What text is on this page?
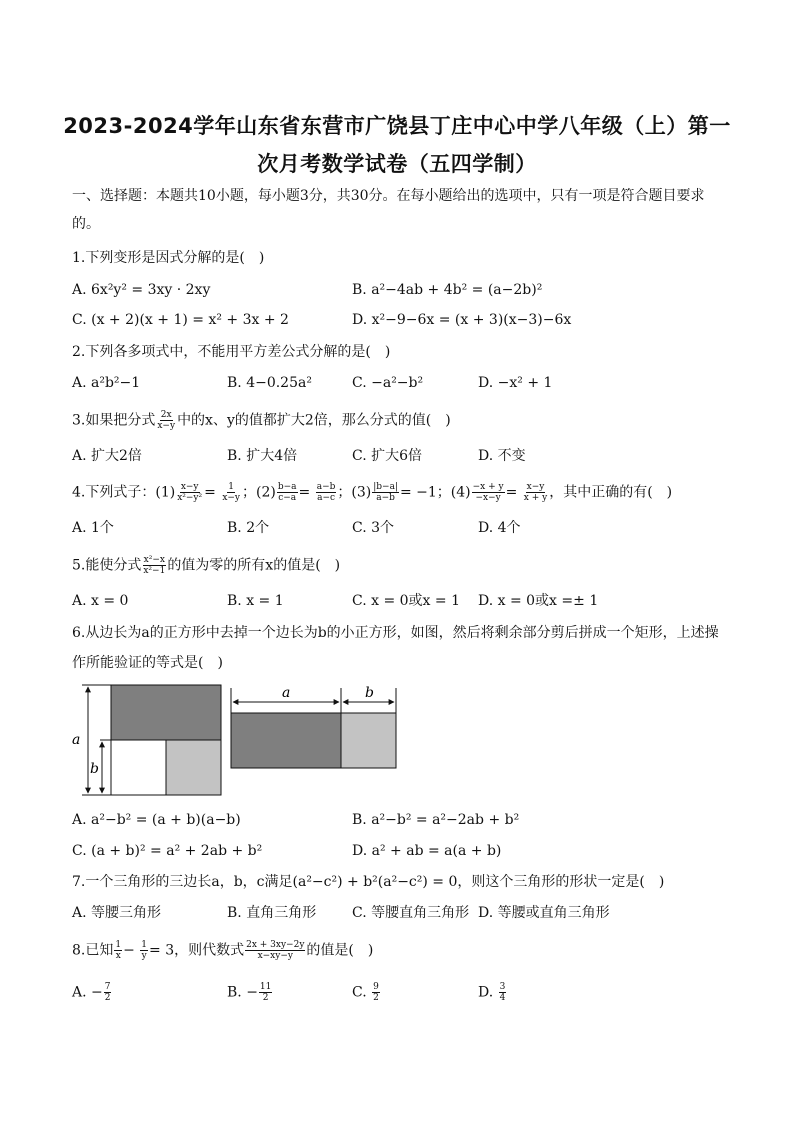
2023-2024学年山东省东营市广饶县丁庄中心中学八年级（上）第一
次月考数学试卷（五四学制）
一、选择题：本题共10小题，每小题3分，共30分。在每小题给出的选项中，只有一项是符合题目要求
的。
1.下列变形是因式分解的是(　)
A. 6x²y² = 3xy · 2xy	B. a²−4ab + 4b² = (a−2b)²
C. (x + 2)(x + 1) = x² + 3x + 2	D. x²−9−6x = (x + 3)(x−3)−6x
2.下列各多项式中，不能用平方差公式分解的是(　)
A. a²b²−1	B. 4−0.25a²	C. −a²−b²	D. −x² + 1
3.如果把分式 $\frac{2x}{x-y}$ 中的x、y的值都扩大2倍，那么分式的值(　)
A. 扩大2倍	B. 扩大4倍	C. 扩大6倍	D. 不变
4.下列式子：$(1) \frac{x-y}{\text{x²−y²}} = \frac{1}{x-y}$ ；$(2) \frac{b-a}{c-a} = \frac{a-b}{a-c}$ ；$(3) \frac{|b-a|}{a-b} = -1$；$(4) \frac{-x + y}{-x-y} = \frac{x-y}{x + y}$ ，其中正确的有(　)
A. 1个	B. 2个	C. 3个	D. 4个
5.能使分式 $\frac{\text{x²−x}}{\text{x²−1}}$ 的值为零的所有x的值是(　)
A. x = 0	B. x = 1	C. x = 0或x = 1 D. x = 0或x =± 1
6.从边长为a的正方形中去掉一个边长为b的小正方形，如图，然后将剩余部分剪后拼成一个矩形，上述操
作所能验证的等式是(　)
a
b
a	b
A. a²−b² = (a + b)(a−b)	B. a²−b² = a²−2ab + b²
C. (a + b)² = a² + 2ab + b²	D. a² + ab = a(a + b)
7.一个三角形的三边长a，b，c满足(a²−c²) + b²(a²−c²) = 0，则这个三角形的形状一定是(　)
A. 等腰三角形	B. 直角三角形	C. 等腰直角三角形 D. 等腰或直角三角形
8.已知 $\frac{1}{x} - \frac{1}{y} = 3$，则代数式 $\frac{2x + 3xy-2y}{x-xy-y}$ 的值是(　)
A. − $\frac{7}{2}$	B. − $\frac{11}{2}$	C. $\frac{9}{2}$	D. $\frac{3}{4}$
